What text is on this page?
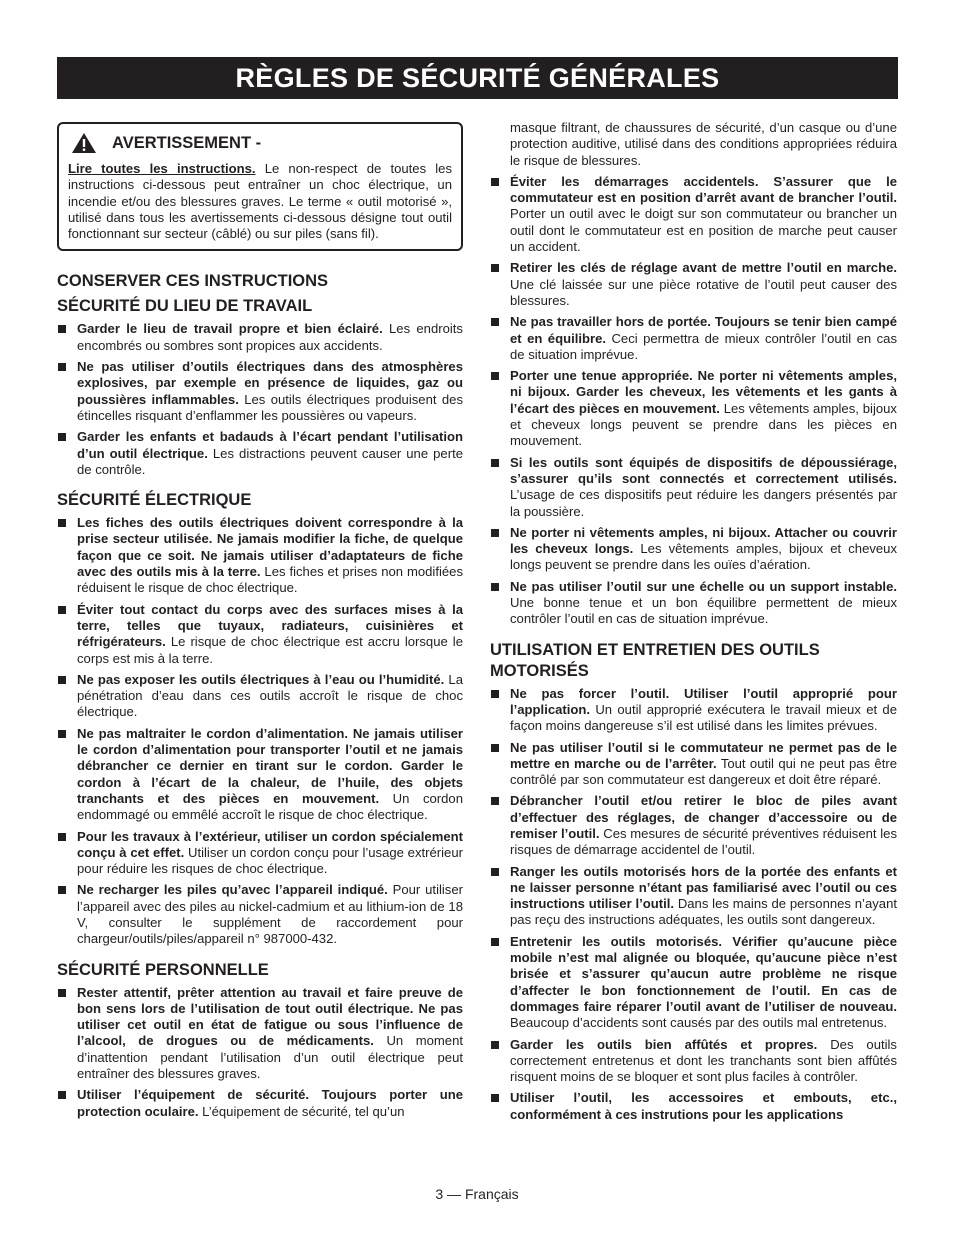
RÈGLES DE SÉCURITÉ GÉNÉRALES
AVERTISSEMENT -
Lire toutes les instructions. Le non-respect de toutes les instructions ci-dessous peut entraîner un choc électrique, un incendie et/ou des blessures graves. Le terme « outil motorisé », utilisé dans tous les avertissements ci-dessous désigne tout outil fonctionnant sur secteur (câblé) ou sur piles (sans fil).
CONSERVER CES INSTRUCTIONS
SÉCURITÉ DU LIEU DE TRAVAIL
Garder le lieu de travail propre et bien éclairé. Les endroits encombrés ou sombres sont propices aux accidents.
Ne pas utiliser d’outils électriques dans des atmosphères explosives, par exemple en présence de liquides, gaz ou poussières inflammables. Les outils électriques produisent des étincelles risquant d’enflammer les poussières ou vapeurs.
Garder les enfants et badauds à l’écart pendant l’utilisation d’un outil électrique. Les distractions peuvent causer une perte de contrôle.
SÉCURITÉ ÉLECTRIQUE
Les fiches des outils électriques doivent correspondre à la prise secteur utilisée. Ne jamais modifier la fiche, de quelque façon que ce soit. Ne jamais utiliser d’adaptateurs de fiche avec des outils mis à la terre. Les fiches et prises non modifiées réduisent le risque de choc électrique.
Éviter tout contact du corps avec des surfaces mises à la terre, telles que tuyaux, radiateurs, cuisinières et réfrigérateurs. Le risque de choc électrique est accru lorsque le corps est mis à la terre.
Ne pas exposer les outils électriques à l’eau ou l’humidité. La pénétration d’eau dans ces outils accroît le risque de choc électrique.
Ne pas maltraiter le cordon d’alimentation. Ne jamais utiliser le cordon d’alimentation pour transporter l’outil et ne jamais débrancher ce dernier en tirant sur le cordon. Garder le cordon à l’écart de la chaleur, de l’huile, des objets tranchants et des pièces en mouvement. Un cordon endommagé ou emmêlé accroît le risque de choc électrique.
Pour les travaux à l’extérieur, utiliser un cordon spécialement conçu à cet effet. Utiliser un cordon conçu pour l’usage extrérieur pour réduire les risques de choc électrique.
Ne recharger les piles qu’avec l’appareil indiqué. Pour utiliser l’appareil avec des piles au nickel-cadmium et au lithium-ion de 18 V, consulter le supplément de raccordement pour chargeur/outils/piles/appareil n° 987000-432.
SÉCURITÉ PERSONNELLE
Rester attentif, prêter attention au travail et faire preuve de bon sens lors de l’utilisation de tout outil électrique. Ne pas utiliser cet outil en état de fatigue ou sous l’influence de l’alcool, de drogues ou de médicaments. Un moment d’inattention pendant l’utilisation d’un outil électrique peut entraîner des blessures graves.
Utiliser l’équipement de sécurité. Toujours porter une protection oculaire. L’équipement de sécurité, tel qu’un
masque filtrant, de chaussures de sécurité, d’un casque ou d’une protection auditive, utilisé dans des conditions appropriées réduira le risque de blessures.
Éviter les démarrages accidentels. S’assurer que le commutateur est en position d’arrêt avant de brancher l’outil. Porter un outil avec le doigt sur son commutateur ou brancher un outil dont le commutateur est en position de marche peut causer un accident.
Retirer les clés de réglage avant de mettre l’outil en marche. Une clé laissée sur une pièce rotative de l’outil peut causer des blessures.
Ne pas travailler hors de portée. Toujours se tenir bien campé et en équilibre. Ceci permettra de mieux contrôler l’outil en cas de situation imprévue.
Porter une tenue appropriée. Ne porter ni vêtements amples, ni bijoux. Garder les cheveux, les vêtements et les gants à l’écart des pièces en mouvement. Les vêtements amples, bijoux et cheveux longs peuvent se prendre dans les pièces en mouvement.
Si les outils sont équipés de dispositifs de dépoussiérage, s’assurer qu’ils sont connectés et correctement utilisés. L’usage de ces dispositifs peut réduire les dangers présentés par la poussière.
Ne porter ni vêtements amples, ni bijoux. Attacher ou couvrir les cheveux longs. Les vêtements amples, bijoux et cheveux longs peuvent se prendre dans les ouïes d’aération.
Ne pas utiliser l’outil sur une échelle ou un support instable. Une bonne tenue et un bon équilibre permettent de mieux contrôler l’outil en cas de situation imprévue.
UTILISATION ET ENTRETIEN DES OUTILS MOTORISÉS
Ne pas forcer l’outil. Utiliser l’outil approprié pour l’application. Un outil approprié exécutera le travail mieux et de façon moins dangereuse s’il est utilisé dans les limites prévues.
Ne pas utiliser l’outil si le commutateur ne permet pas de le mettre en marche ou de l’arrêter. Tout outil qui ne peut pas être contrôlé par son commutateur est dangereux et doit être réparé.
Débrancher l’outil et/ou retirer le bloc de piles avant d’effectuer des réglages, de changer d’accessoire ou de remiser l’outil. Ces mesures de sécurité préventives réduisent les risques de démarrage accidentel de l’outil.
Ranger les outils motorisés hors de la portée des enfants et ne laisser personne n’étant pas familiarisé avec l’outil ou ces instructions utiliser l’outil. Dans les mains de personnes n’ayant pas reçu des instructions adéquates, les outils sont dangereux.
Entretenir les outils motorisés. Vérifier qu’aucune pièce mobile n’est mal alignée ou bloquée, qu’aucune pièce n’est brisée et s’assurer qu’aucun autre problème ne risque d’affecter le bon fonctionnement de l’outil. En cas de dommages faire réparer l’outil avant de l’utiliser de nouveau. Beaucoup d’accidents sont causés par des outils mal entretenus.
Garder les outils bien affûtés et propres. Des outils correctement entretenus et dont les tranchants sont bien affûtés risquent moins de se bloquer et sont plus faciles à contrôler.
Utiliser l’outil, les accessoires et embouts, etc., conformément à ces instrutions pour les applications
3 — Français
